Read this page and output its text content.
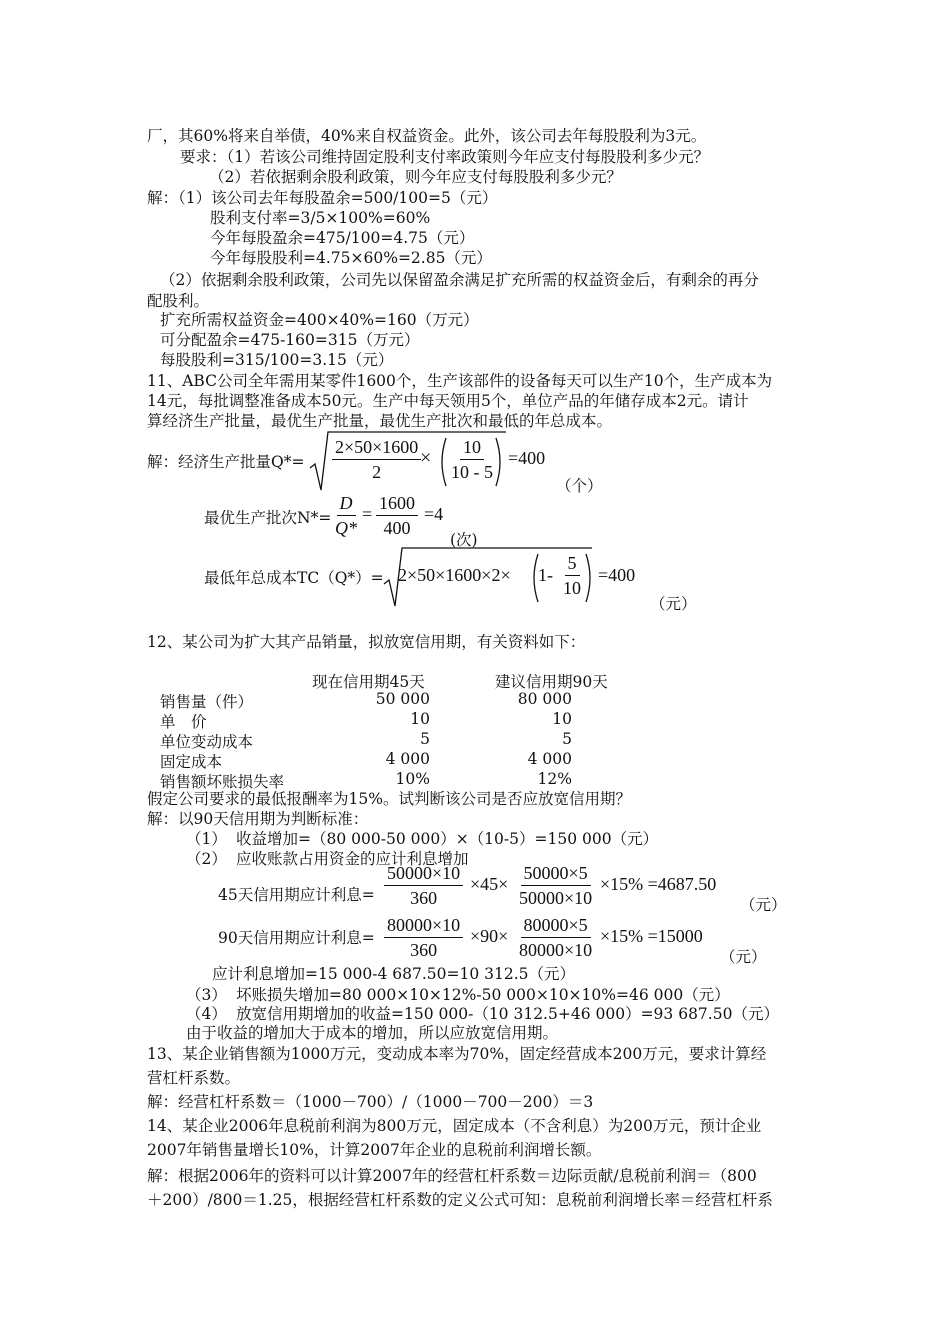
厂，其60%将来自举债，40%来自权益资金。此外，该公司去年每股股利为3元。
要求：（1）若该公司维持固定股利支付率政策则今年应支付每股股利多少元？
（2）若依据剩余股利政策，则今年应支付每股股利多少元？
解：（1）该公司去年每股盈余=500/100=5（元）
股利支付率=3/5×100%=60%
今年每股盈余=475/100=4.75（元）
今年每股股利=4.75×60%=2.85（元）
（2）依据剩余股利政策，公司先以保留盈余满足扩充所需的权益资金后，有剩余的再分
配股利。
扩充所需权益资金=400×40%=160（万元）
可分配盈余=475-160=315（万元）
每股股利=315/100=3.15（元）
11、ABC公司全年需用某零件1600个，生产该部件的设备每天可以生产10个，生产成本为
14元，每批调整准备成本50元。生产中每天领用5个，单位产品的年储存成本2元。请计
算经济生产批量，最优生产批量，最优生产批次和最低的年总成本。
解：经济生产批量$Q*= \frac{2\times 50\times 1600}{2}$
× $\frac{10}{10 - 5} =400$
（个）
最优生产批次$N*= \frac{D}{Q*} = \frac{1600}{400} =4$
(次)
最低年总成本$TC(Q*)= 2\times 50\times 1600\times 2\times 1- \frac{5}{10} =400$
（元）
12、某公司为扩大其产品销量，拟放宽信用期，有关资料如下：
现在信用期45天	建议信用期90天
销售量（件）	50 000	80 000
单　价	10	10
单位变动成本	5	5
固定成本	4 000	4 000
销售额坏账损失率	10%	12%
假定公司要求的最低报酬率为15%。试判断该公司是否应放宽信用期？
解：以90天信用期为判断标准：
（1） 收益增加=（80 000-50 000）×（10-5）=150 000（元）
（2） 应收账款占用资金的应计利息增加
45天信用期应计利息= $\frac{50000\times 10}{360} \times 45\times \frac{50000\times 5}{50000\times 10} \times 15\% =4687.50$
（元）
90天信用期应计利息= $\frac{80000\times 10}{360} \times 90\times \frac{80000\times 5}{80000\times 10} \times 15\% =15000$
（元）
应计利息增加=15 000-4 687.50=10 312.5（元）
（3） 坏账损失增加=80 000×10×12%-50 000×10×10%=46 000（元）
（4） 放宽信用期增加的收益=150 000-（10 312.5+46 000）=93 687.50（元）
由于收益的增加大于成本的增加，所以应放宽信用期。
13、某企业销售额为1000万元，变动成本率为70%，固定经营成本200万元，要求计算经
营杠杆系数。
解：经营杠杆系数＝（1000－700）/（1000－700－200）＝3
14、某企业2006年息税前利润为800万元，固定成本（不含利息）为200万元，预计企业
2007年销售量增长10%，计算2007年企业的息税前利润增长额。
解：根据2006年的资料可以计算2007年的经营杠杆系数＝边际贡献/息税前利润＝（800
＋200）/800＝1.25，根据经营杠杆系数的定义公式可知：息税前利润增长率＝经营杠杆系
